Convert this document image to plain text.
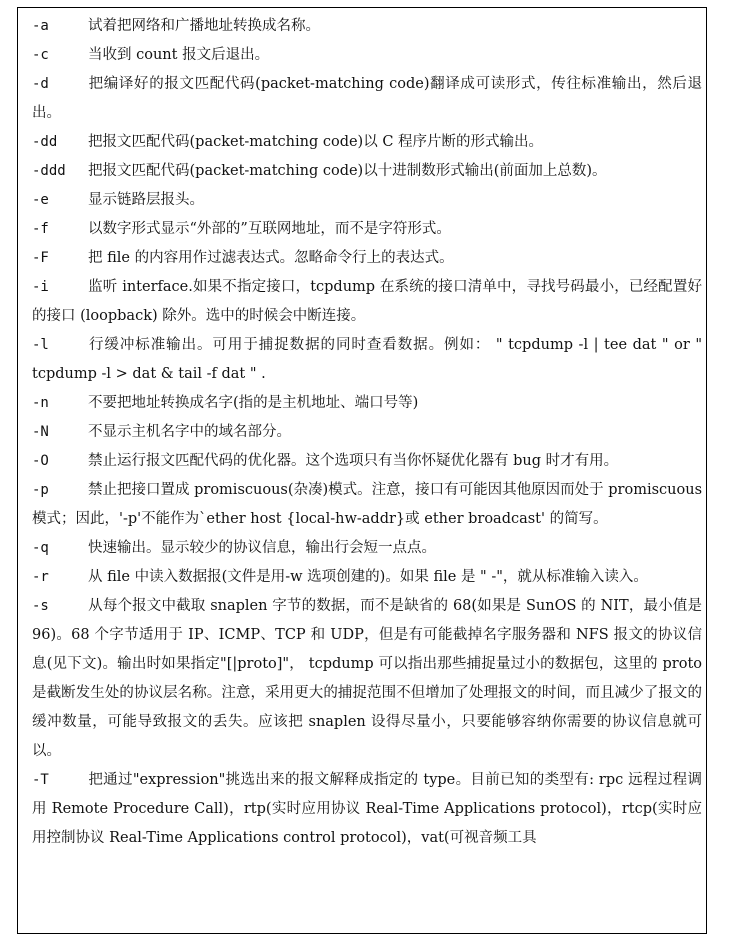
-a	试着把网络和广播地址转换成名称。
-c	当收到 count 报文后退出。
-d	把编译好的报文匹配代码(packet-matching code)翻译成可读形式，传往标准输出，然后退出。
-dd 把报文匹配代码(packet-matching code)以 C 程序片断的形式输出。
-ddd 把报文匹配代码(packet-matching code)以十进制数形式输出(前面加上总数)。
-e	显示链路层报头。
-f	以数字形式显示“外部的”互联网地址，而不是字符形式。
-F	把 file 的内容用作过滤表达式。忽略命令行上的表达式。
-i	监听 interface.如果不指定接口，tcpdump 在系统的接口清单中，寻找号码最小，已经配置好的接口 (loopback) 除外。选中的时候会中断连接。
-l	行缓冲标准输出。可用于捕捉数据的同时查看数据。例如： " tcpdump -l | tee dat " or " tcpdump -l > dat & tail -f dat " .
-n	不要把地址转换成名字(指的是主机地址、端口号等)
-N	不显示主机名字中的域名部分。
-O	禁止运行报文匹配代码的优化器。这个选项只有当你怀疑优化器有 bug 时才有用。
-p	禁止把接口置成 promiscuous(杂凑)模式。注意，接口有可能因其他原因而处于 promiscuous 模式；因此，'-p'不能作为`ether host {local-hw-addr}或 ether broadcast' 的简写。
-q	快速输出。显示较少的协议信息，输出行会短一点点。
-r	从 file 中读入数据报(文件是用-w 选项创建的)。如果 file 是 " -"，就从标准输入读入。
-s	从每个报文中截取 snaplen 字节的数据，而不是缺省的 68(如果是 SunOS 的 NIT，最小值是 96)。68 个字节适用于 IP、ICMP、TCP 和 UDP，但是有可能截掉名字服务器和 NFS 报文的协议信息(见下文)。输出时如果指定"[|proto]"， tcpdump 可以指出那些捕捉量过小的数据包，这里的 proto 是截断发生处的协议层名称。注意，采用更大的捕捉范围不但增加了处理报文的时间，而且减少了报文的缓冲数量，可能导致报文的丢失。应该把 snaplen 设得尽量小，只要能够容纳你需要的协议信息就可以。
-T	把通过"expression"挑选出来的报文解释成指定的 type。目前已知的类型有: rpc 远程过程调用 Remote Procedure Call)，rtp(实时应用协议 Real-Time Applications protocol)，rtcp(实时应用控制协议 Real-Time Applications control protocol)，vat(可视音频工具
